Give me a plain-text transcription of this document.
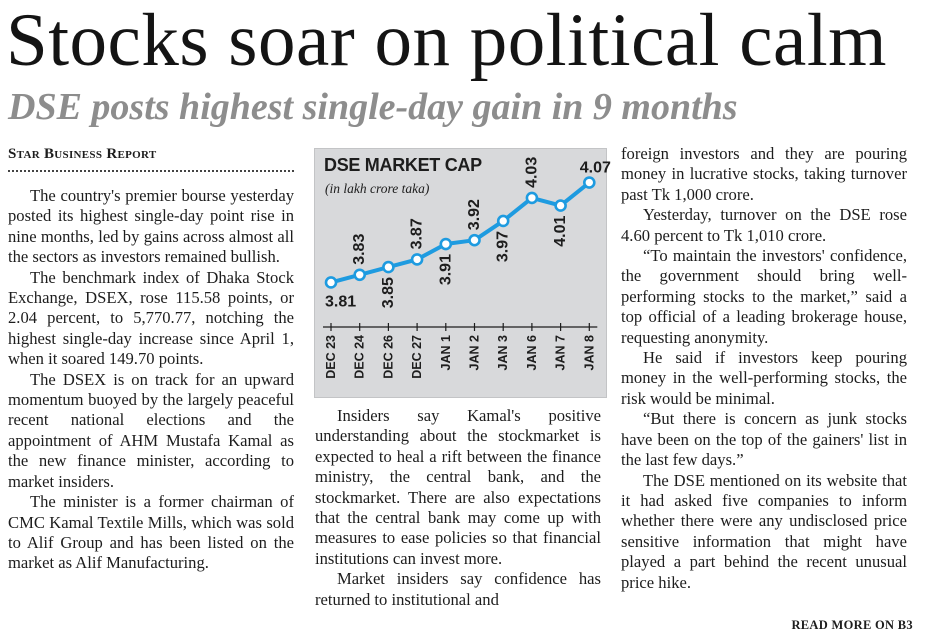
Stocks soar on political calm
DSE posts highest single-day gain in 9 months
Star Business Report

The country's premier bourse yesterday posted its highest single-day point rise in nine months, led by gains across almost all the sectors as investors remained bullish.

The benchmark index of Dhaka Stock Exchange, DSEX, rose 115.58 points, or 2.04 percent, to 5,770.77, notching the highest single-day increase since April 1, when it soared 149.70 points.

The DSEX is on track for an upward momentum buoyed by the largely peaceful recent national elections and the appointment of AHM Mustafa Kamal as the new finance minister, according to market insiders.

The minister is a former chairman of CMC Kamal Textile Mills, which was sold to Alif Group and has been listed on the market as Alif Manufacturing.

DSE MARKET CAP
(in lakh crore taka)
3.81
DEC 23
3.83
DEC 24
3.85
DEC 26
3.87
DEC 27
3.91
JAN 1
3.92
JAN 2
3.97
JAN 3
4.03
JAN 6
4.01
JAN 7
4.07
JAN 8

Insiders say Kamal's positive understanding about the stockmarket is expected to heal a rift between the finance ministry, the central bank, and the stockmarket. There are also expectations that the central bank may come up with measures to ease policies so that financial institutions can invest more.

Market insiders say confidence has returned to institutional and

foreign investors and they are pouring money in lucrative stocks, taking turnover past Tk 1,000 crore.

Yesterday, turnover on the DSE rose 4.60 percent to Tk 1,010 crore.

“To maintain the investors' confidence, the government should bring well-performing stocks to the market,” said a top official of a leading brokerage house, requesting anonymity.

He said if investors keep pouring money in the well-performing stocks, the risk would be minimal.

“But there is concern as junk stocks have been on the top of the gainers' list in the last few days.”

The DSE mentioned on its website that it had asked five companies to inform whether there were any undisclosed price sensitive information that might have played a part behind the recent unusual price hike.

READ MORE ON B3
